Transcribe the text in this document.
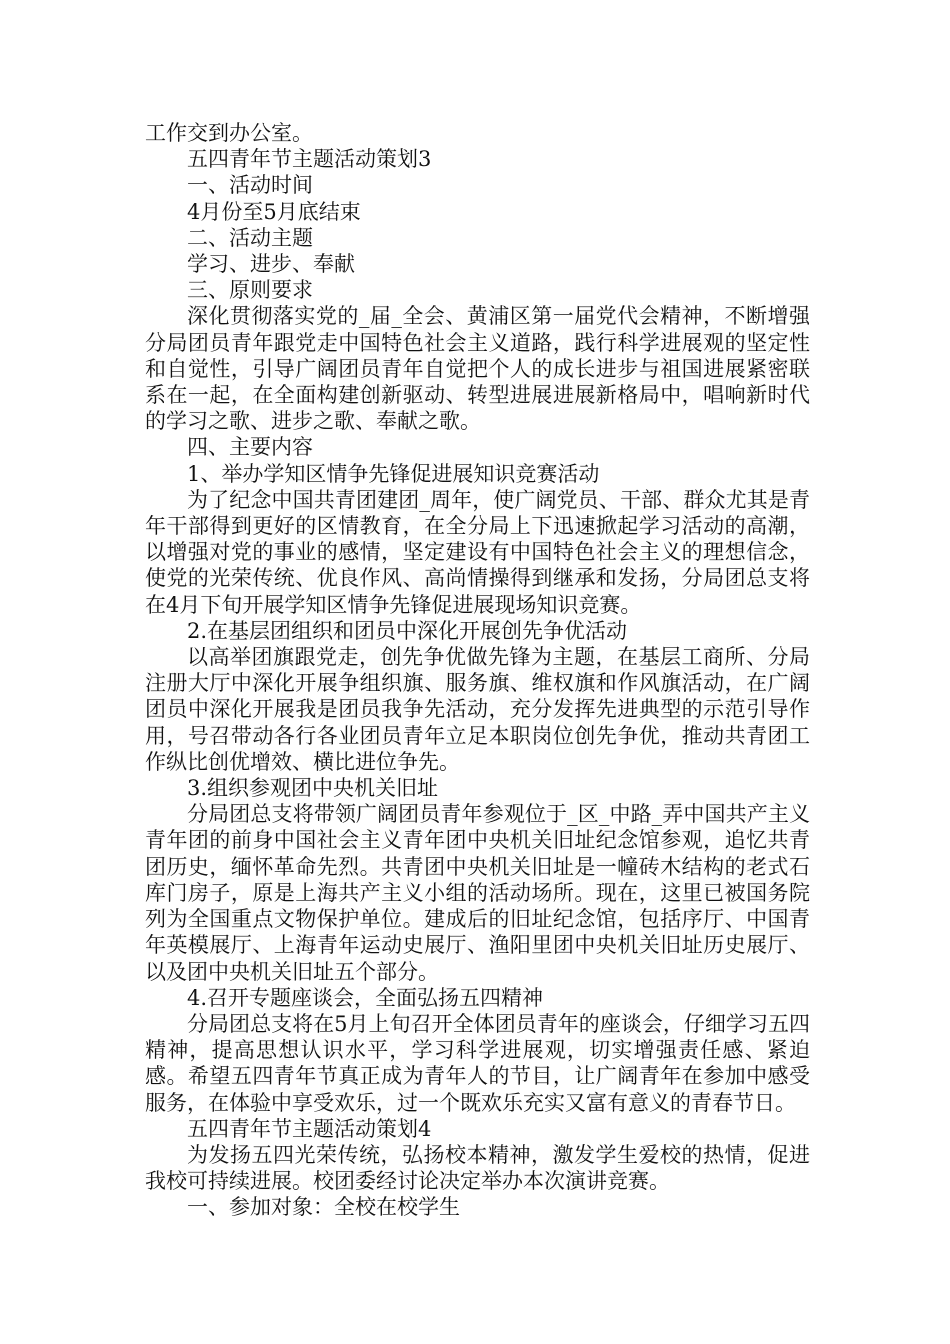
工作交到办公室。

五四青年节主题活动策划3

一、活动时间

4月份至5月底结束

二、活动主题

学习、进步、奉献

三、原则要求

深化贯彻落实党的_届_全会、黄浦区第一届党代会精神，不断增强分局团员青年跟党走中国特色社会主义道路，践行科学进展观的坚定性和自觉性，引导广阔团员青年自觉把个人的成长进步与祖国进展紧密联系在一起，在全面构建创新驱动、转型进展进展新格局中，唱响新时代的学习之歌、进步之歌、奉献之歌。

四、主要内容

1、举办学知区情争先锋促进展知识竞赛活动

为了纪念中国共青团建团_周年，使广阔党员、干部、群众尤其是青年干部得到更好的区情教育，在全分局上下迅速掀起学习活动的高潮，以增强对党的事业的感情，坚定建设有中国特色社会主义的理想信念，使党的光荣传统、优良作风、高尚情操得到继承和发扬，分局团总支将在4月下旬开展学知区情争先锋促进展现场知识竞赛。

2.在基层团组织和团员中深化开展创先争优活动

以高举团旗跟党走，创先争优做先锋为主题，在基层工商所、分局注册大厅中深化开展争组织旗、服务旗、维权旗和作风旗活动，在广阔团员中深化开展我是团员我争先活动，充分发挥先进典型的示范引导作用，号召带动各行各业团员青年立足本职岗位创先争优，推动共青团工作纵比创优增效、横比进位争先。

3.组织参观团中央机关旧址

分局团总支将带领广阔团员青年参观位于_区_中路_弄中国共产主义青年团的前身中国社会主义青年团中央机关旧址纪念馆参观，追忆共青团历史，缅怀革命先烈。共青团中央机关旧址是一幢砖木结构的老式石库门房子，原是上海共产主义小组的活动场所。现在，这里已被国务院列为全国重点文物保护单位。建成后的旧址纪念馆，包括序厅、中国青年英模展厅、上海青年运动史展厅、渔阳里团中央机关旧址历史展厅、以及团中央机关旧址五个部分。

4.召开专题座谈会，全面弘扬五四精神

分局团总支将在5月上旬召开全体团员青年的座谈会，仔细学习五四精神，提高思想认识水平，学习科学进展观，切实增强责任感、紧迫感。希望五四青年节真正成为青年人的节目，让广阔青年在参加中感受服务，在体验中享受欢乐，过一个既欢乐充实又富有意义的青春节日。

五四青年节主题活动策划4

为发扬五四光荣传统，弘扬校本精神，激发学生爱校的热情，促进我校可持续进展。校团委经讨论决定举办本次演讲竞赛。

一、参加对象：全校在校学生
